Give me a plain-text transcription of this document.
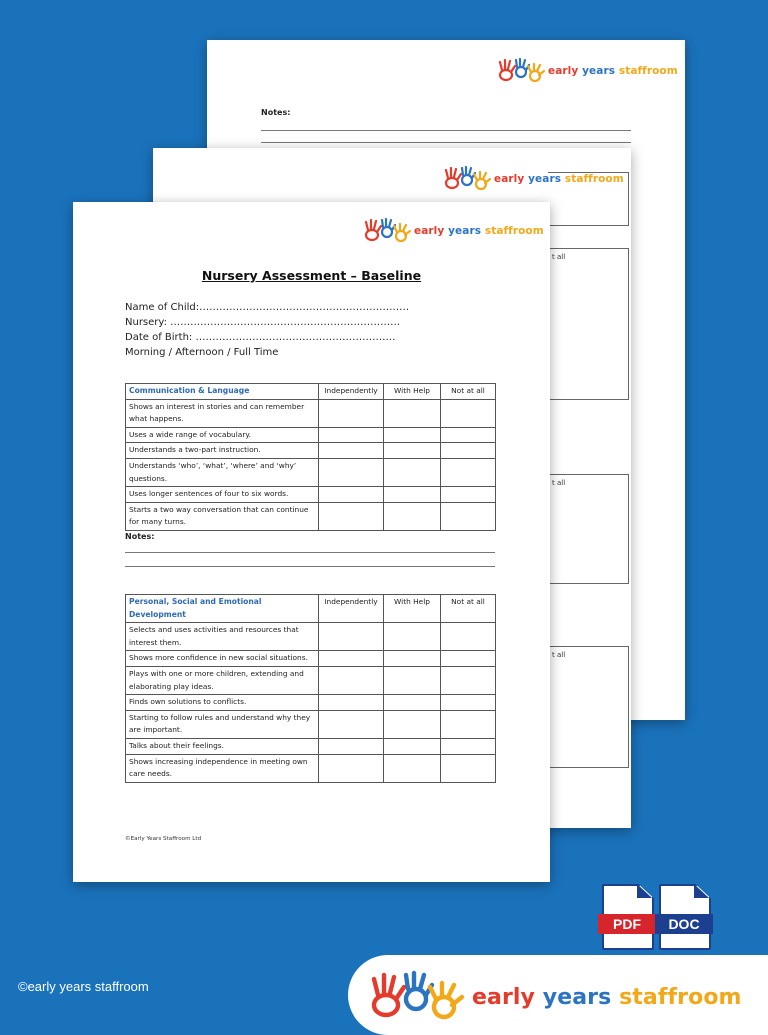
early years staffroom
Notes:
early years staffroom
t all
t all
t all
early years staffroom
Nursery Assessment – Baseline
Name of Child:………………………………………………………
Nursery: ……………………………………………………………
Date of Birth: ……………………………………………………
Morning / Afternoon / Full Time
Communication & Language	Independently	With Help	Not at all
Shows an interest in stories and can remember what happens.			
Uses a wide range of vocabulary.			
Understands a two-part instruction.			
Understands ‘who’, ‘what’, ‘where’ and ‘why’ questions.			
Uses longer sentences of four to six words.			
Starts a two way conversation that can continue for many turns.			
Notes:
Personal, Social and Emotional Development	Independently	With Help	Not at all
Selects and uses activities and resources that interest them.			
Shows more confidence in new social situations.			
Plays with one or more children, extending and elaborating play ideas.			
Finds own solutions to conflicts.			
Starting to follow rules and understand why they are important.			
Talks about their feelings.			
Shows increasing independence in meeting own care needs.			
©Early Years Staffroom Ltd
PDF	DOC
©early years staffroom	early years staffroom
